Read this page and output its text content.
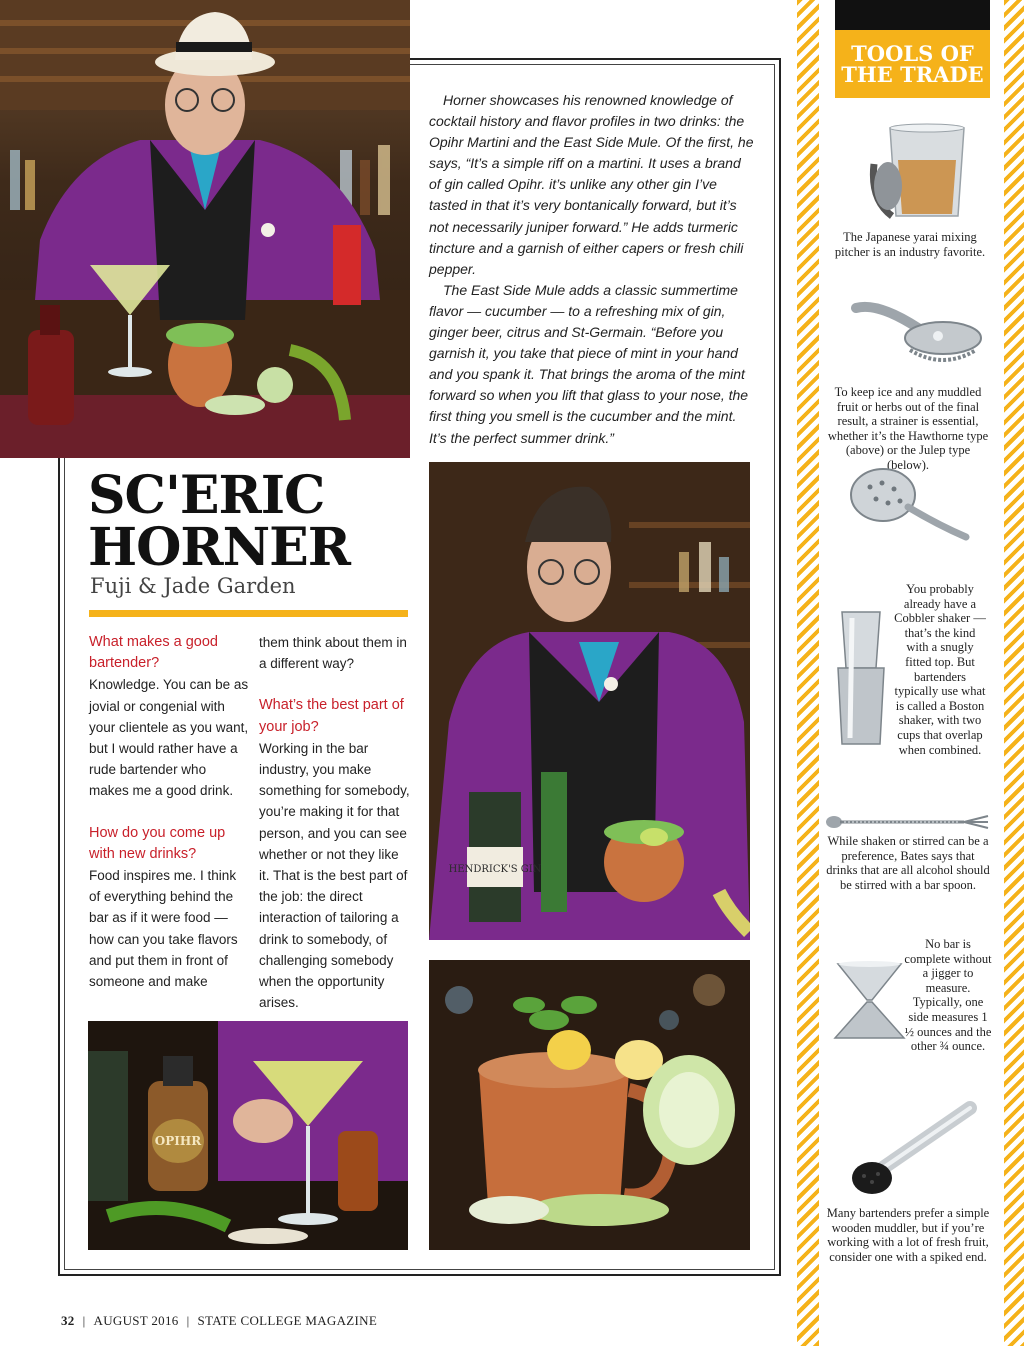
Horner showcases his renowned knowledge of cocktail history and flavor profiles in two drinks: the Opihr Martini and the East Side Mule. Of the first, he says, “It’s a simple riff on a martini. It uses a brand of gin called Opihr. it’s unlike any other gin I’ve tasted in that it’s very bontanically forward, but it’s not necessarily juniper forward.” He adds turmeric tincture and a garnish of either capers or fresh chili pepper.

The East Side Mule adds a classic summertime flavor — cucumber — to a refreshing mix of gin, ginger beer, citrus and St-Germain. “Before you garnish it, you take that piece of mint in your hand and you spank it. That brings the aroma of the mint forward so when you lift that glass to your nose, the first thing you smell is the cucumber and the mint. It’s the perfect summer drink.”

SC'ERIC
HORNER
Fuji & Jade Garden
What makes a good bartender?
Knowledge. You can be as jovial or congenial with your clientele as you want, but I would rather have a rude bartender who makes me a good drink.
How do you come up with new drinks?
Food inspires me. I think of everything behind the bar as if it were food — how can you take flavors and put them in front of someone and make
them think about them in a different way?
What’s the best part of your job?
Working in the bar industry, you make something for somebody, you’re making it for that person, and you can see whether or not they like it. That is the best part of the job: the direct interaction of tailoring a drink to somebody, of challenging somebody when the opportunity arises.
HENDRICK'S GIN
OPIHR
TOOLS OF
THE TRADE
The Japanese yarai mixing pitcher is an industry favorite.
To keep ice and any muddled fruit or herbs out of the final result, a strainer is essential, whether it’s the Hawthorne type (above) or the Julep type (below).
You probably already have a Cobbler shaker — that’s the kind with a snugly fitted top. But bartenders typically use what is called a Boston shaker, with two cups that overlap when combined.
While shaken or stirred can be a preference, Bates says that drinks that are all alcohol should be stirred with a bar spoon.
No bar is complete without a jigger to measure. Typically, one side measures 1 ½ ounces and the other ¾ ounce.
Many bartenders prefer a simple wooden muddler, but if you’re working with a lot of fresh fruit, consider one with a spiked end.
32 | AUGUST 2016 | STATE COLLEGE MAGAZINE
